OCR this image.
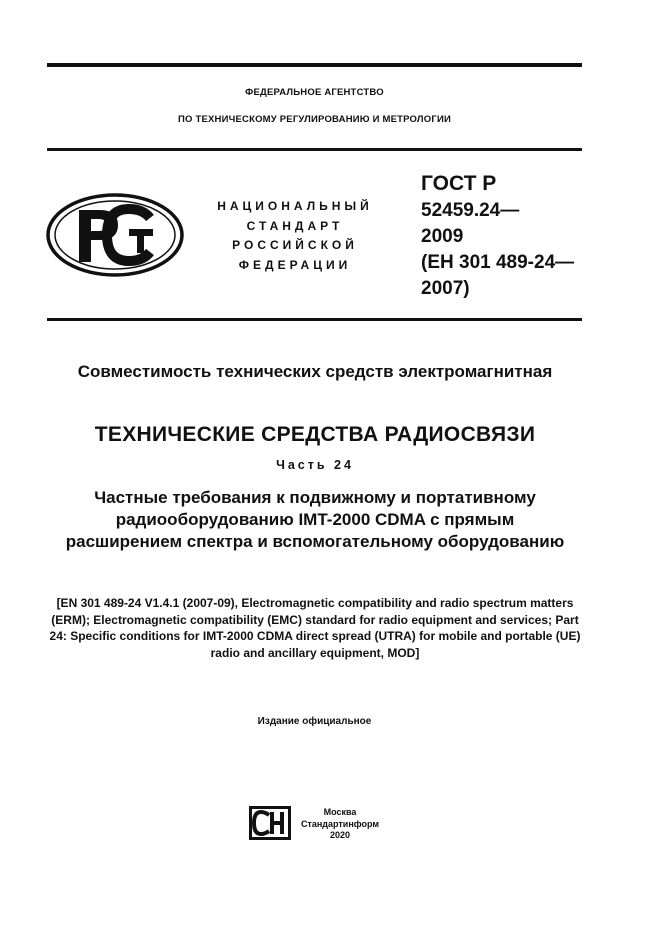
ФЕДЕРАЛЬНОЕ АГЕНТСТВО
ПО ТЕХНИЧЕСКОМУ РЕГУЛИРОВАНИЮ И МЕТРОЛОГИИ
НАЦИОНАЛЬНЫЙ
СТАНДАРТ
РОССИЙСКОЙ
ФЕДЕРАЦИИ
ГОСТ Р
52459.24—
2009
(ЕН 301 489-24—
2007)
Совместимость технических средств электромагнитная
ТЕХНИЧЕСКИЕ СРЕДСТВА РАДИОСВЯЗИ
Часть 24
Частные требования к подвижному и портативному радиооборудованию IMT-2000 CDMA с прямым расширением спектра и вспомогательному оборудованию
[EN 301 489-24 V1.4.1 (2007-09), Electromagnetic compatibility and radio spectrum matters (ERM); Electromagnetic compatibility (EMC) standard for radio equipment and services; Part 24: Specific conditions for IMT-2000 CDMA direct spread (UTRA) for mobile and portable (UE) radio and ancillary equipment, MOD]
Издание официальное
Москва
Стандартинформ
2020
